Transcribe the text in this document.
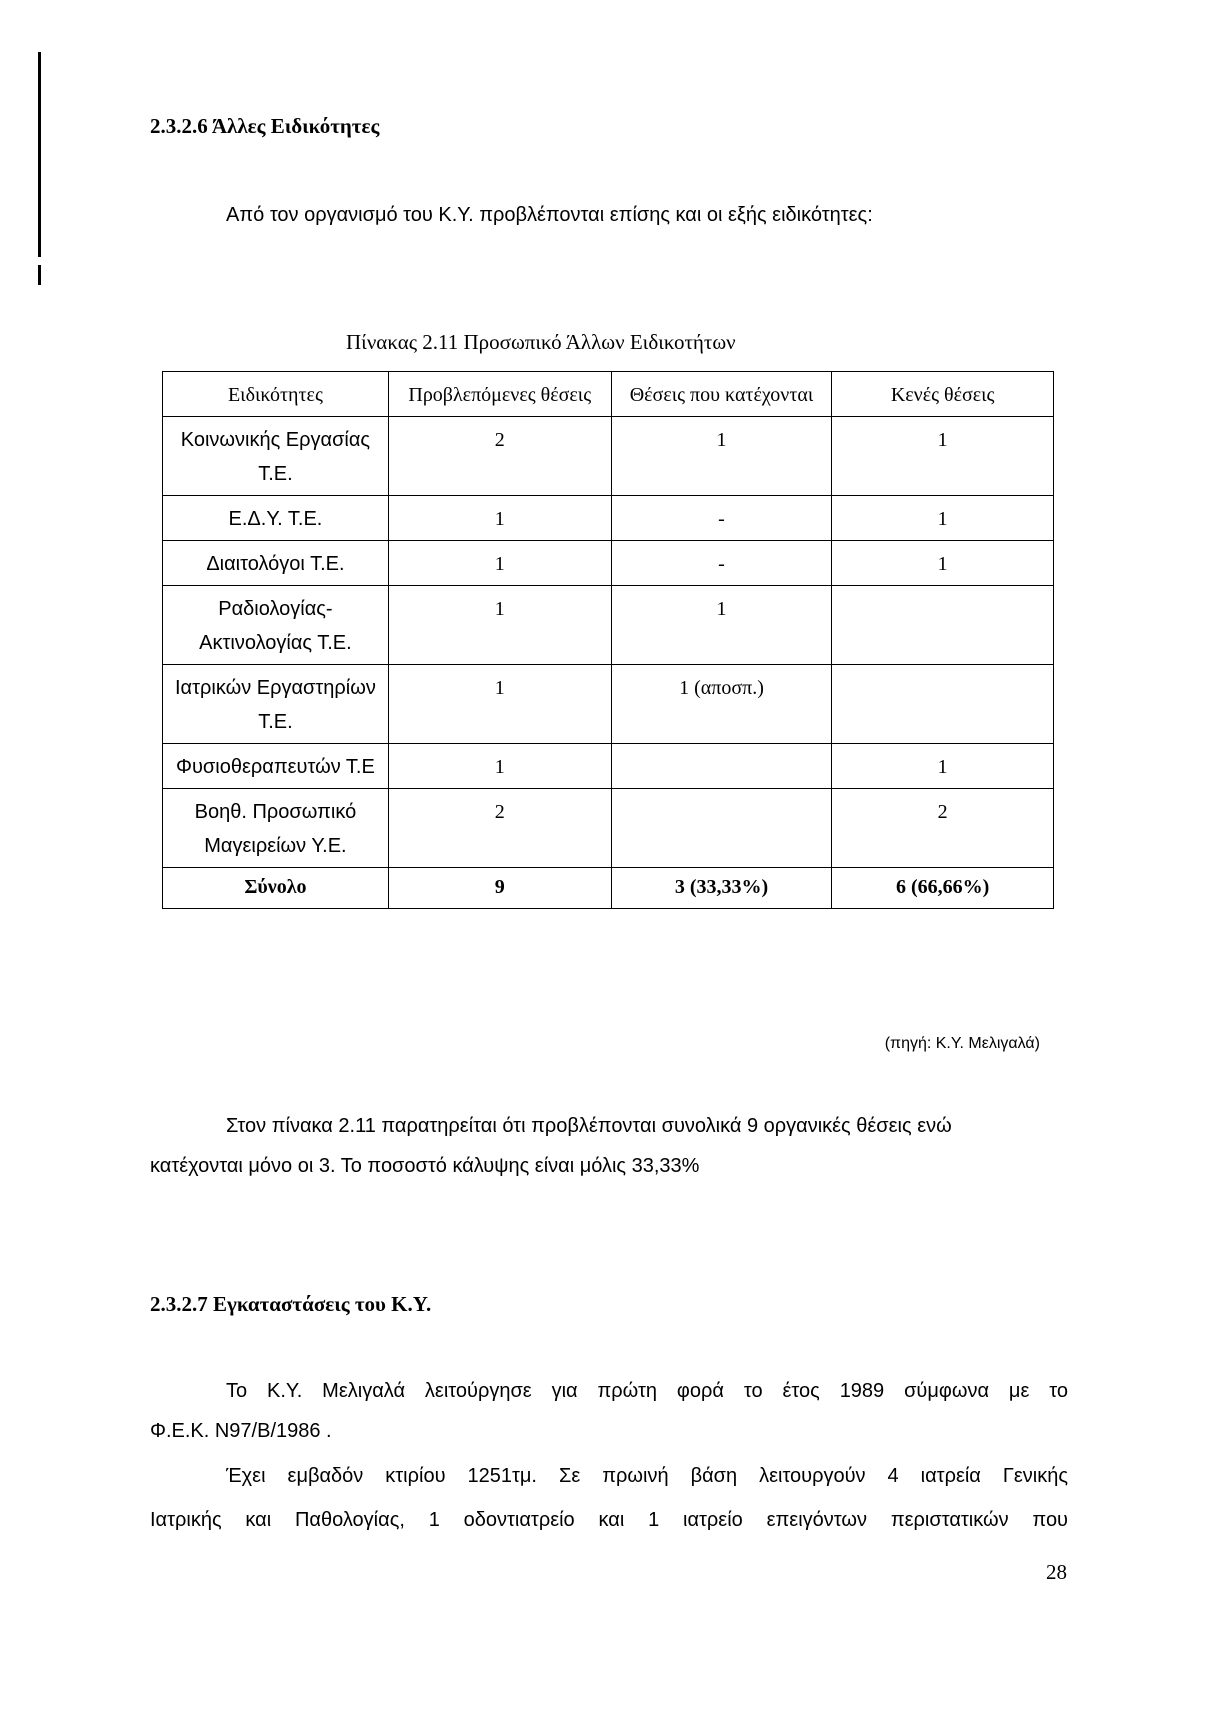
2.3.2.6 Άλλες Ειδικότητες
Από τον οργανισμό του Κ.Υ. προβλέπονται επίσης και οι εξής ειδικότητες:
Πίνακας 2.11 Προσωπικό Άλλων Ειδικοτήτων
Ειδικότητες	Προβλεπόμενες θέσεις	Θέσεις που κατέχονται	Κενές θέσεις
Κοινωνικής Εργασίας Τ.Ε.	2	1	1
Ε.Δ.Υ. Τ.Ε.	1	-	1
Διαιτολόγοι Τ.Ε.	1	-	1
Ραδιολογίας- Ακτινολογίας Τ.Ε.	1	1	
Ιατρικών Εργαστηρίων Τ.Ε.	1	1 (αποσπ.)	
Φυσιοθεραπευτών Τ.Ε	1		1
Βοηθ. Προσωπικό Μαγειρείων Υ.Ε.	2		2
Σύνολο	9	3 (33,33%)	6 (66,66%)
(πηγή: Κ.Υ. Μελιγαλά)
Στον πίνακα 2.11 παρατηρείται ότι προβλέπονται συνολικά 9 οργανικές θέσεις ενώ
κατέχονται μόνο οι 3. Το ποσοστό κάλυψης είναι μόλις 33,33%
2.3.2.7 Εγκαταστάσεις του Κ.Υ.
Το Κ.Υ. Μελιγαλά λειτούργησε για πρώτη φορά το έτος 1989 σύμφωνα με το
Φ.Ε.Κ. Ν97/Β/1986 .
Έχει εμβαδόν κτιρίου 1251τμ. Σε πρωινή βάση λειτουργούν 4 ιατρεία Γενικής
Ιατρικής και Παθολογίας, 1 οδοντιατρείο και 1 ιατρείο επειγόντων περιστατικών που
28
